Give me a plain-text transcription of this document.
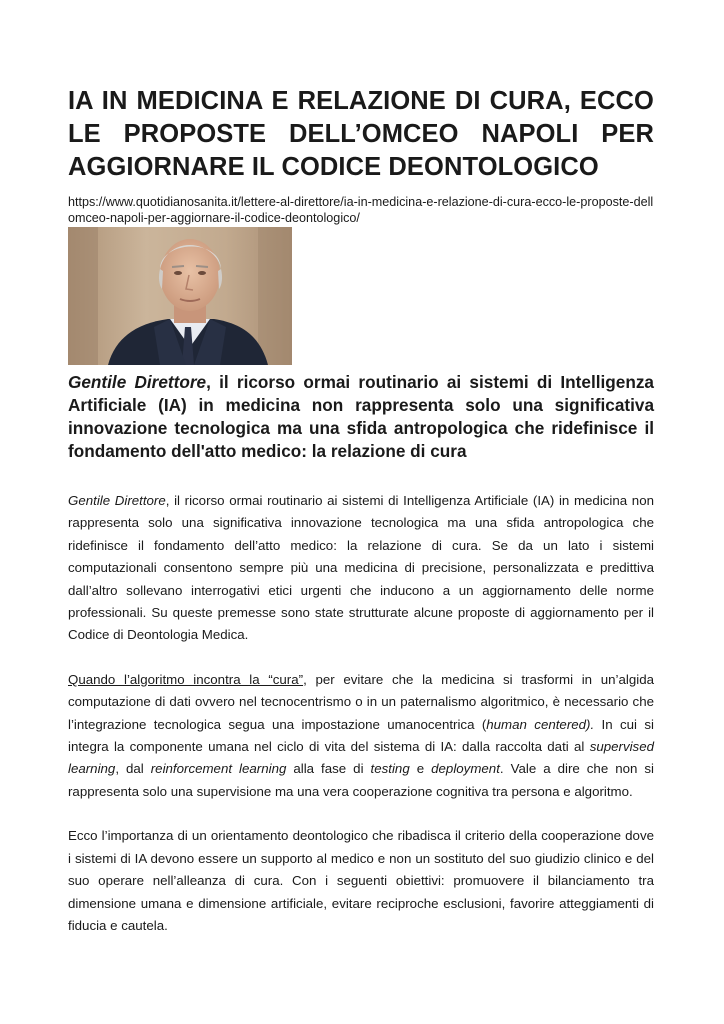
IA IN MEDICINA E RELAZIONE DI CURA, ECCO LE PROPOSTE DELL’OMCEO NAPOLI PER AGGIORNARE IL CODICE DEONTOLOGICO
https://www.quotidianosanita.it/lettere-al-direttore/ia-in-medicina-e-relazione-di-cura-ecco-le-proposte-dellomceo-napoli-per-aggiornare-il-codice-deontologico/

Gentile Direttore, il ricorso ormai routinario ai sistemi di Intelligenza Artificiale (IA) in medicina non rappresenta solo una significativa innovazione tecnologica ma una sfida antropologica che ridefinisce il fondamento dell'atto medico: la relazione di cura

Gentile Direttore, il ricorso ormai routinario ai sistemi di Intelligenza Artificiale (IA) in medicina non rappresenta solo una significativa innovazione tecnologica ma una sfida antropologica che ridefinisce il fondamento dell’atto medico: la relazione di cura. Se da un lato i sistemi computazionali consentono sempre più una medicina di precisione, personalizzata e predittiva dall’altro sollevano interrogativi etici urgenti che inducono a un aggiornamento delle norme professionali. Su queste premesse sono state strutturate alcune proposte di aggiornamento per il Codice di Deontologia Medica.

Quando l’algoritmo incontra la “cura”, per evitare che la medicina si trasformi in un’algida computazione di dati ovvero nel tecnocentrismo o in un paternalismo algoritmico, è necessario che l’integrazione tecnologica segua una impostazione umanocentrica (human centered). In cui si integra la componente umana nel ciclo di vita del sistema di IA: dalla raccolta dati al supervised learning, dal reinforcement learning alla fase di testing e deployment. Vale a dire che non si rappresenta solo una supervisione ma una vera cooperazione cognitiva tra persona e algoritmo.

Ecco l’importanza di un orientamento deontologico che ribadisca il criterio della cooperazione dove i sistemi di IA devono essere un supporto al medico e non un sostituto del suo giudizio clinico e del suo operare nell’alleanza di cura. Con i seguenti obiettivi: promuovere il bilanciamento tra dimensione umana e dimensione artificiale, evitare reciproche esclusioni, favorire atteggiamenti di fiducia e cautela.
